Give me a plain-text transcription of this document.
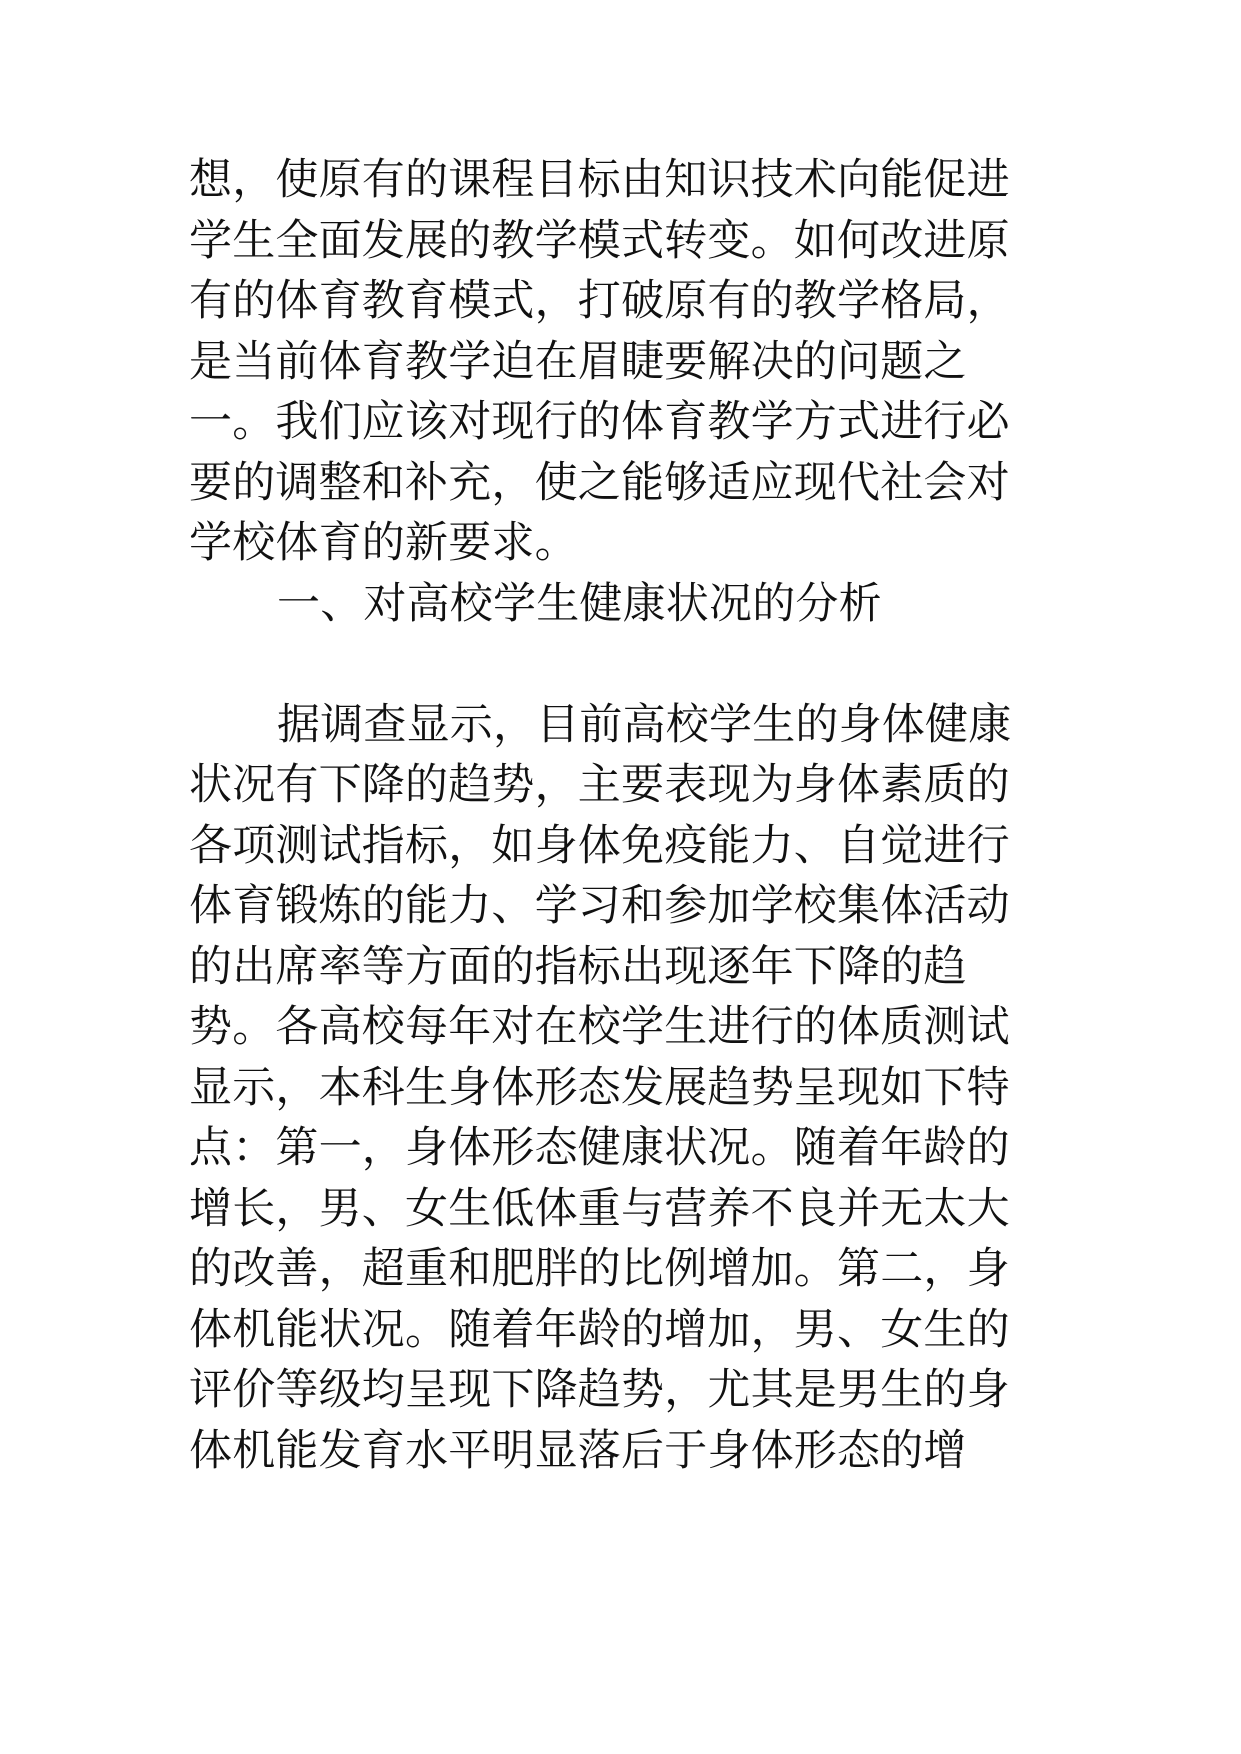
想，使原有的课程目标由知识技术向能促进
学生全面发展的教学模式转变。如何改进原
有的体育教育模式，打破原有的教学格局，
是当前体育教学迫在眉睫要解决的问题之
一。我们应该对现行的体育教学方式进行必
要的调整和补充，使之能够适应现代社会对
学校体育的新要求。
一、对高校学生健康状况的分析
据调查显示，目前高校学生的身体健康
状况有下降的趋势，主要表现为身体素质的
各项测试指标，如身体免疫能力、自觉进行
体育锻炼的能力、学习和参加学校集体活动
的出席率等方面的指标出现逐年下降的趋
势。各高校每年对在校学生进行的体质测试
显示，本科生身体形态发展趋势呈现如下特
点：第一，身体形态健康状况。随着年龄的
增长，男、女生低体重与营养不良并无太大
的改善，超重和肥胖的比例增加。第二，身
体机能状况。随着年龄的增加，男、女生的
评价等级均呈现下降趋势，尤其是男生的身
体机能发育水平明显落后于身体形态的增
